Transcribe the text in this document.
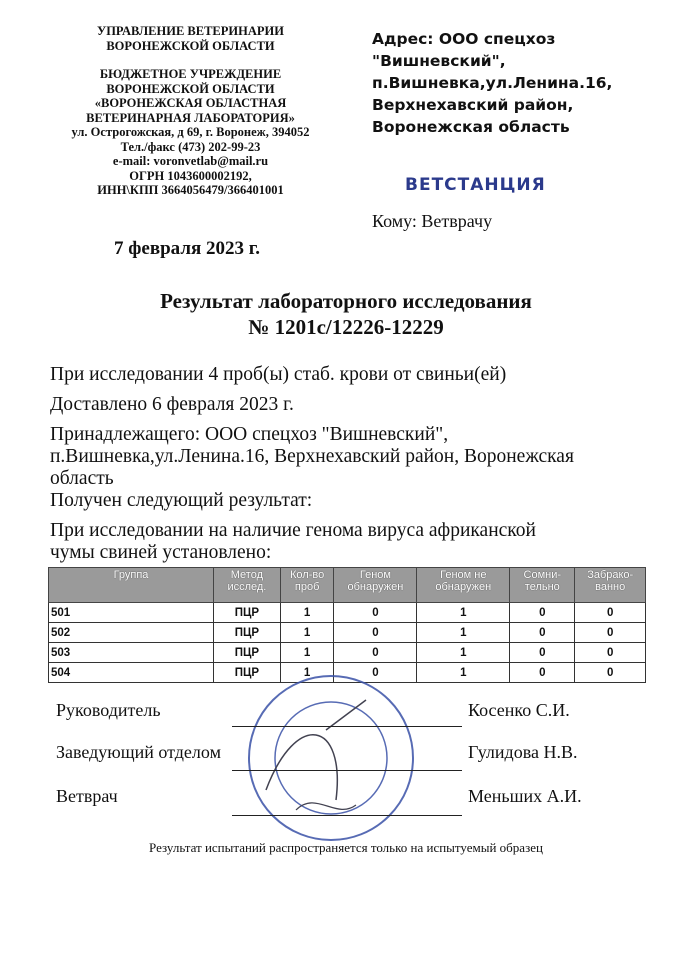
УПРАВЛЕНИЕ ВЕТЕРИНАРИИ
ВОРОНЕЖСКОЙ ОБЛАСТИ
БЮДЖЕТНОЕ УЧРЕЖДЕНИЕ
ВОРОНЕЖСКОЙ ОБЛАСТИ
«ВОРОНЕЖСКАЯ ОБЛАСТНАЯ
ВЕТЕРИНАРНАЯ ЛАБОРАТОРИЯ»
ул. Острогожская, д 69, г. Воронеж, 394052
Тел./факс (473) 202-99-23
e-mail: voronvetlab@mail.ru
ОГРН 1043600002192,
ИНН\КПП 3664056479/366401001
Адрес: ООО спецхоз
"Вишневский",
п.Вишневка,ул.Ленина.16,
Верхнехавский район,
Воронежская область
ВЕТСТАНЦИЯ
Кому: Ветврачу
7 февраля 2023 г.
Результат лабораторного исследования
№ 1201с/12226-12229
При исследовании 4 проб(ы) стаб. крови от свиньи(ей)
Доставлено 6 февраля 2023 г.
Принадлежащего: ООО спецхоз "Вишневский", п.Вишневка,ул.Ленина.16, Верхнехавский район, Воронежская область
Получен следующий результат:
При исследовании на наличие генома вируса африканской чумы свиней установлено:
Группа	Метод исслед.	Кол-во проб	Геном обнаружен	Геном не обнаружен	Сомни-тельно	Забрако-ванно
501	ПЦР	1	0	1	0	0
502	ПЦР	1	0	1	0	0
503	ПЦР	1	0	1	0	0
504	ПЦР	1	0	1	0	0
Руководитель	Косенко С.И.
Заведующий отделом	Гулидова Н.В.
Ветврач	Меньших А.И.
Результат испытаний распространяется только на испытуемый образец
